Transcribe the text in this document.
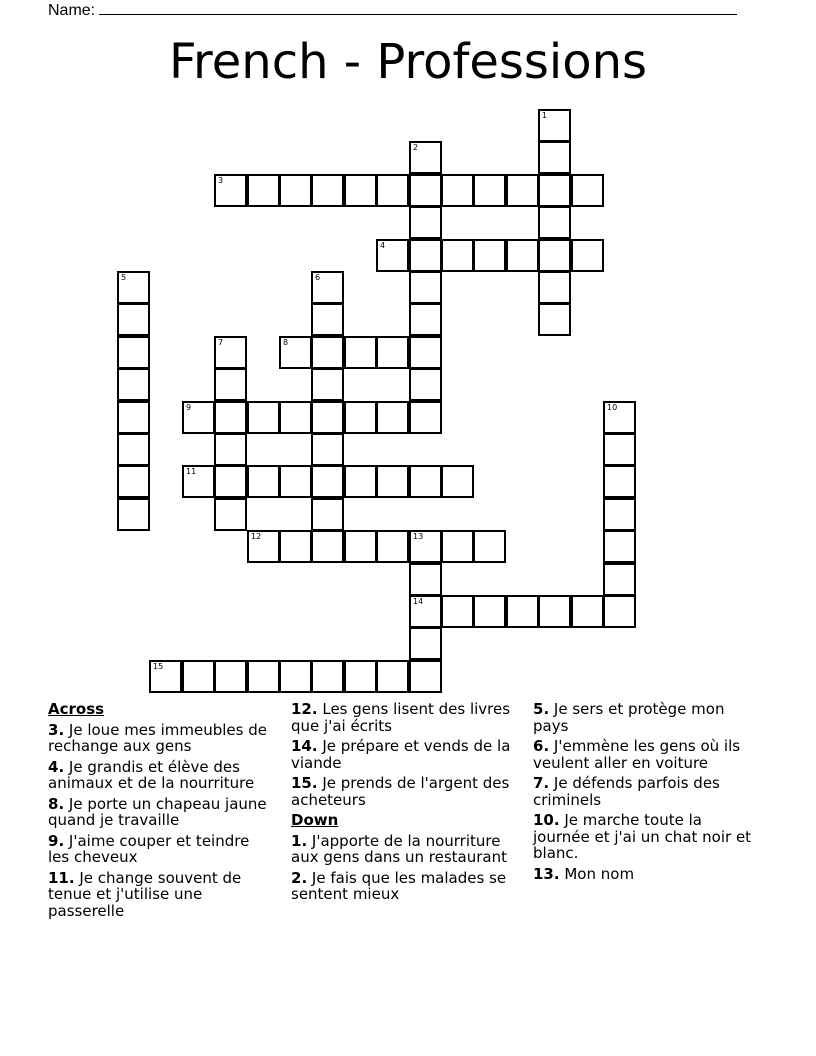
Name:
French - Professions
1
2
3
4
5	6
7	8
9	10
11
12	13
14
15
Across
3. Je loue mes immeubles de rechange aux gens
4. Je grandis et élève des animaux et de la nourriture
8. Je porte un chapeau jaune quand je travaille
9. J'aime couper et teindre les cheveux
11. Je change souvent de tenue et j'utilise une passerelle
12. Les gens lisent des livres que j'ai écrits
14. Je prépare et vends de la viande
15. Je prends de l'argent des acheteurs
Down
1. J'apporte de la nourriture aux gens dans un restaurant
2. Je fais que les malades se sentent mieux
5. Je sers et protège mon pays
6. J'emmène les gens où ils veulent aller en voiture
7. Je défends parfois des criminels
10. Je marche toute la journée et j'ai un chat noir et blanc.
13. Mon nom
